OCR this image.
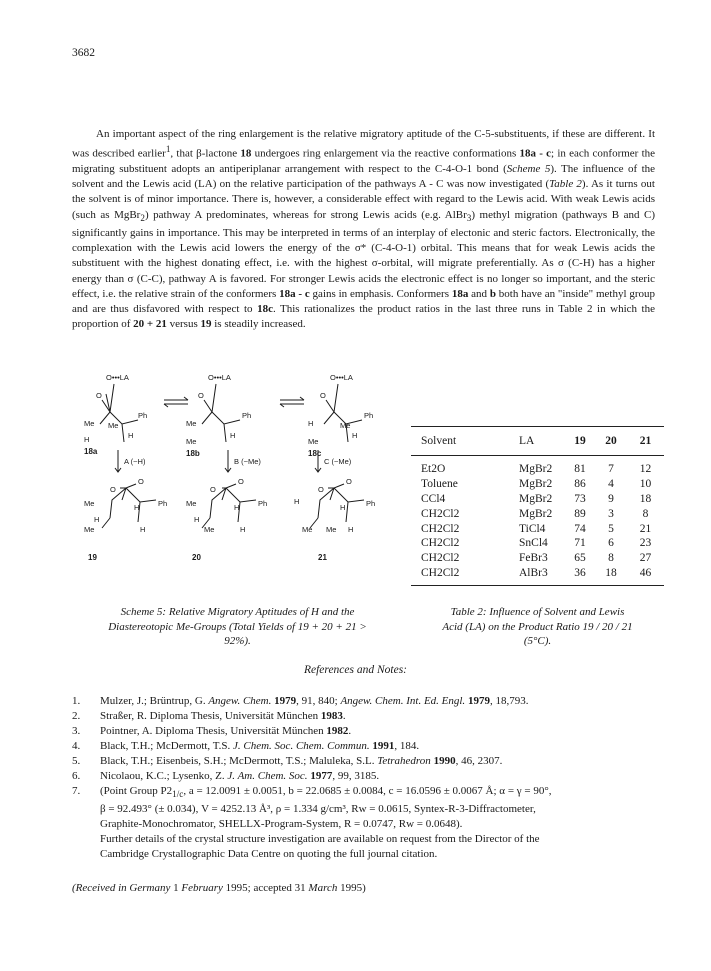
3682
An important aspect of the ring enlargement is the relative migratory aptitude of the C-5-substituents, if these are different. It was described earlier$^1$, that β-lactone 18 undergoes ring enlargement via the reactive conformations 18a - c; in each conformer the migrating substituent adopts an antiperiplanar arrangement with respect to the C-4-O-1 bond (Scheme 5). The influence of the solvent and the Lewis acid (LA) on the relative participation of the pathways A - C was now investigated (Table 2). As it turns out the solvent is of minor importance. There is, however, a considerable effect with regard to the Lewis acid. With weak Lewis acids (such as MgBr$_2$) pathway A predominates, whereas for strong Lewis acids (e.g. AlBr$_3$) methyl migration (pathways B and C) significantly gains in importance. This may be interpreted in terms of an interplay of electonic and steric factors. Electronically, the complexation with the Lewis acid lowers the energy of the σ* (C-4-O-1) orbital. This means that for weak Lewis acids the substituent with the highest donating effect, i.e. with the highest σ-orbital, will migrate preferentially. As σ (C-H) has a higher energy than σ (C-C), pathway A is favored. For stronger Lewis acids the electronic effect is no longer so important, and the steric effect, i.e. the relative strain of the conformers 18a - c gains in emphasis. Conformers 18a and b both have an "inside" methyl group and are thus disfavored with respect to 18c. This rationalizes the product ratios in the last three runs in Table 2 in which the proportion of 20 + 21 versus 19 is steadily increased.
O•••LA	O•••LA	O•••LA
O	O	O
Me
Ph
Me
Ph
H
Ph
Me	Me
H	H	H
H	Me	Me
18a	18b	18c
A (~H)	B (~Me)	C (~Me)
O	O	O
O	O	O
Me	Me	H
H	H	H
Ph	Ph	Ph
H	H
Me	Me	Me Me
H	H	H
19	20	21
Solvent	LA	19	20	21
Et2O	MgBr2	81	7	12
Toluene	MgBr2	86	4	10
CCl4	MgBr2	73	9	18
CH2Cl2	MgBr2	89	3	8
CH2Cl2	TiCl4	74	5	21
CH2Cl2	SnCl4	71	6	23
CH2Cl2	FeBr3	65	8	27
CH2Cl2	AlBr3	36	18	46
Scheme 5: Relative Migratory Aptitudes of H and the
Diastereotopic Me-Groups (Total Yields of 19 + 20 + 21 >
92%).
Table 2: Influence of Solvent and Lewis
Acid (LA) on the Product Ratio 19 / 20 / 21
(5°C).
References and Notes:
1.	Mulzer, J.; Brüntrup, G. Angew. Chem. 1979, 91, 840; Angew. Chem. Int. Ed. Engl. 1979, 18,793.
2.	Straßer, R. Diploma Thesis, Universität München 1983.
3.	Pointner, A. Diploma Thesis, Universität München 1982.
4.	Black, T.H.; McDermott, T.S. J. Chem. Soc. Chem. Commun. 1991, 184.
5.	Black, T.H.; Eisenbeis, S.H.; McDermott, T.S.; Maluleka, S.L. Tetrahedron 1990, 46, 2307.
6.	Nicolaou, K.C.; Lysenko, Z. J. Am. Chem. Soc. 1977, 99, 3185.
7.	(Point Group $P2_{1/c}$, a = 12.0091 ± 0.0051, b = 22.0685 ± 0.0084, c = 16.0596 ± 0.0067 Å; α = γ = 90°,
β = 92.493° (± 0.034), V = 4252.13 Å³, ρ = 1.334 g/cm³, Rw = 0.0615, Syntex-R-3-Diffractometer,
Graphite-Monochromator, SHELLX-Program-System, R = 0.0747, Rw = 0.0648).
Further details of the crystal structure investigation are available on request from the Director of the
Cambridge Crystallographic Data Centre on quoting the full journal citation.
(Received in Germany 1 February 1995; accepted 31 March 1995)
